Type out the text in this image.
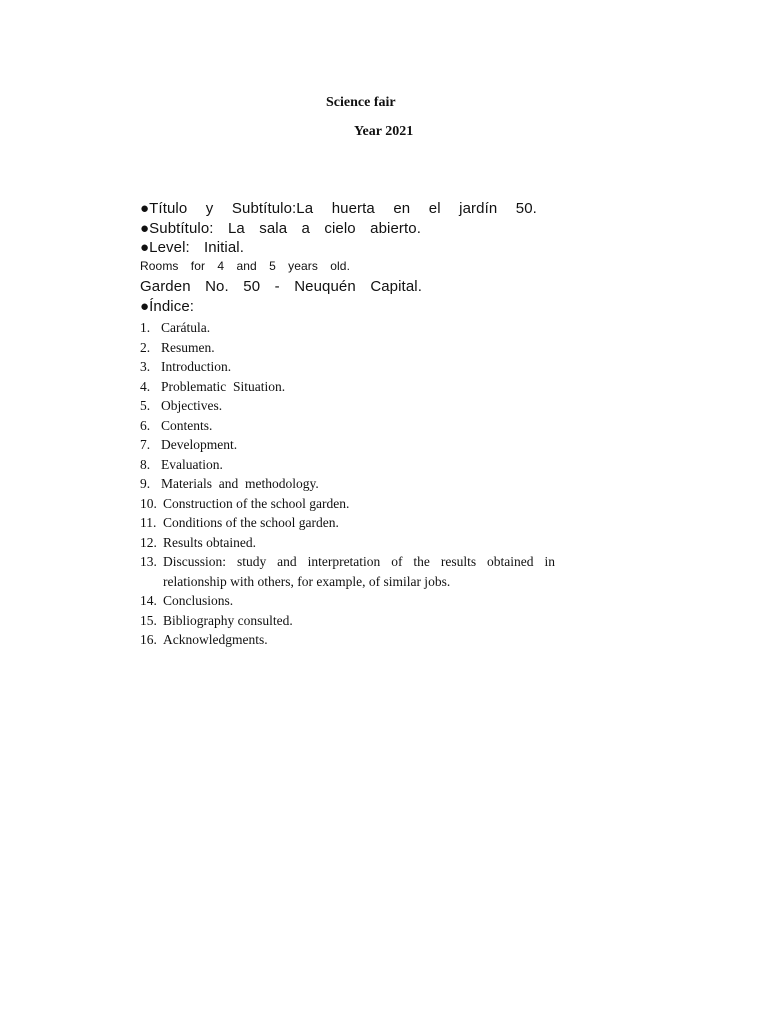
Science fair
Year 2021
●Título y Subtítulo:La huerta en el jardín 50.
●Subtítulo: La sala a cielo abierto.
●Level: Initial.
Rooms for 4 and 5 years old.
Garden No. 50 - Neuquén Capital.
●Índice:
1. Carátula.
2. Resumen.
3. Introduction.
4. Problematic  Situation.
5. Objectives.
6. Contents.
7. Development.
8. Evaluation.
9. Materials  and  methodology.
10. Construction of the school garden.
11. Conditions of the school garden.
12. Results obtained.
13. Discussion: study and interpretation of the results obtained in relationship with others, for example, of similar jobs.
14. Conclusions.
15. Bibliography consulted.
16. Acknowledgments.
